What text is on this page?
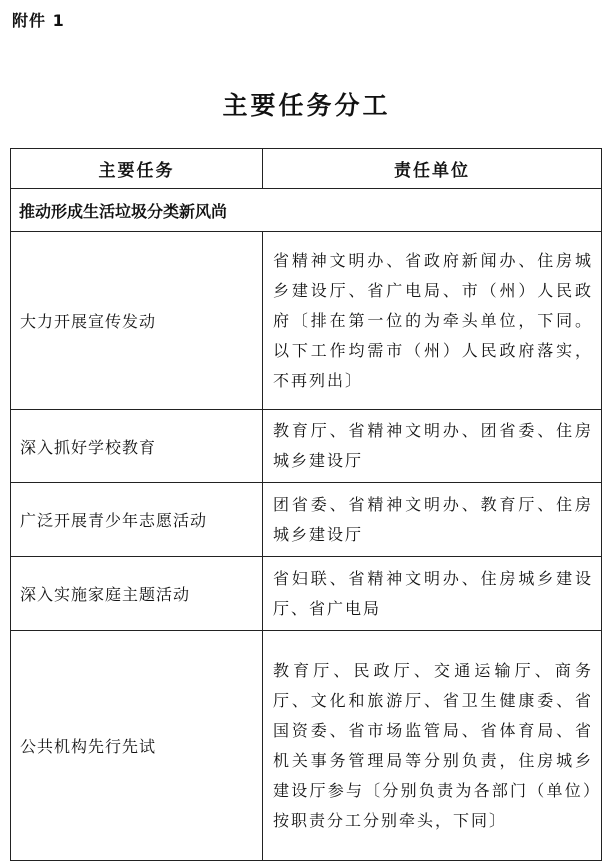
附件 1
主要任务分工
主要任务	责任单位
推动形成生活垃圾分类新风尚	
大力开展宣传发动	省精神文明办、省政府新闻办、住房城乡建设厅、省广电局、市（州）人民政府〔排在第一位的为牵头单位，下同。以下工作均需市（州）人民政府落实，不再列出〕
深入抓好学校教育	教育厅、省精神文明办、团省委、住房城乡建设厅
广泛开展青少年志愿活动	团省委、省精神文明办、教育厅、住房城乡建设厅
深入实施家庭主题活动	省妇联、省精神文明办、住房城乡建设厅、省广电局
公共机构先行先试	教育厅、民政厅、交通运输厅、商务厅、文化和旅游厅、省卫生健康委、省国资委、省市场监管局、省体育局、省机关事务管理局等分别负责，住房城乡建设厅参与〔分别负责为各部门（单位）按职责分工分别牵头，下同〕
